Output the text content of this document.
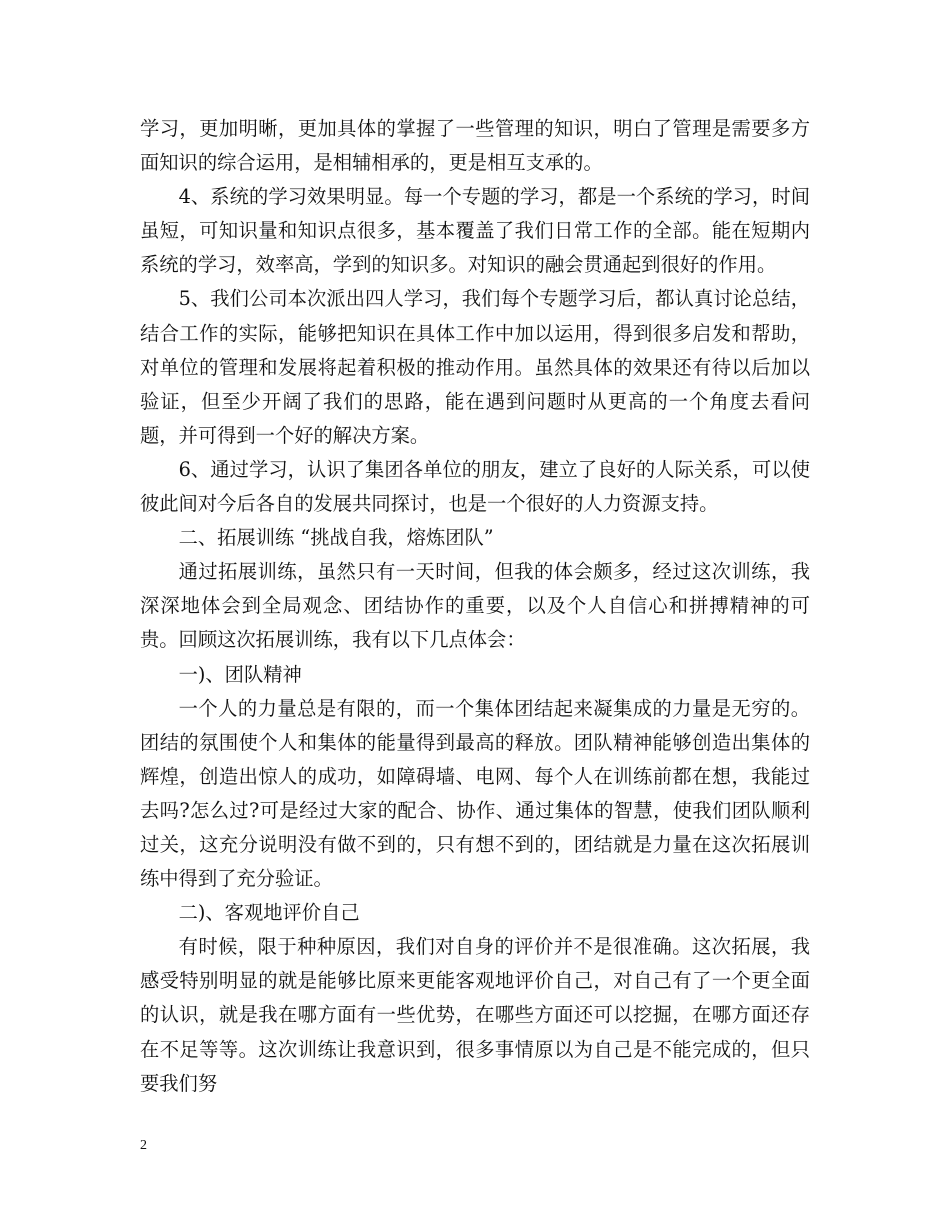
学习，更加明晰，更加具体的掌握了一些管理的知识，明白了管理是需要多方面知识的综合运用，是相辅相承的，更是相互支承的。

4、系统的学习效果明显。每一个专题的学习，都是一个系统的学习，时间虽短，可知识量和知识点很多，基本覆盖了我们日常工作的全部。能在短期内系统的学习，效率高，学到的知识多。对知识的融会贯通起到很好的作用。

5、我们公司本次派出四人学习，我们每个专题学习后，都认真讨论总结，结合工作的实际，能够把知识在具体工作中加以运用，得到很多启发和帮助，对单位的管理和发展将起着积极的推动作用。虽然具体的效果还有待以后加以验证，但至少开阔了我们的思路，能在遇到问题时从更高的一个角度去看问题，并可得到一个好的解决方案。

6、通过学习，认识了集团各单位的朋友，建立了良好的人际关系，可以使彼此间对今后各自的发展共同探讨，也是一个很好的人力资源支持。

二、拓展训练 “挑战自我，熔炼团队”

通过拓展训练，虽然只有一天时间，但我的体会颇多，经过这次训练，我深深地体会到全局观念、团结协作的重要，以及个人自信心和拼搏精神的可贵。回顾这次拓展训练，我有以下几点体会：

一)、团队精神

一个人的力量总是有限的，而一个集体团结起来凝集成的力量是无穷的。团结的氛围使个人和集体的能量得到最高的释放。团队精神能够创造出集体的辉煌，创造出惊人的成功，如障碍墙、电网、每个人在训练前都在想，我能过去吗?怎么过?可是经过大家的配合、协作、通过集体的智慧，使我们团队顺利过关，这充分说明没有做不到的，只有想不到的，团结就是力量在这次拓展训练中得到了充分验证。

二)、客观地评价自己

有时候，限于种种原因，我们对自身的评价并不是很准确。这次拓展，我感受特别明显的就是能够比原来更能客观地评价自己，对自己有了一个更全面的认识，就是我在哪方面有一些优势，在哪些方面还可以挖掘，在哪方面还存在不足等等。这次训练让我意识到，很多事情原以为自己是不能完成的，但只要我们努

2
